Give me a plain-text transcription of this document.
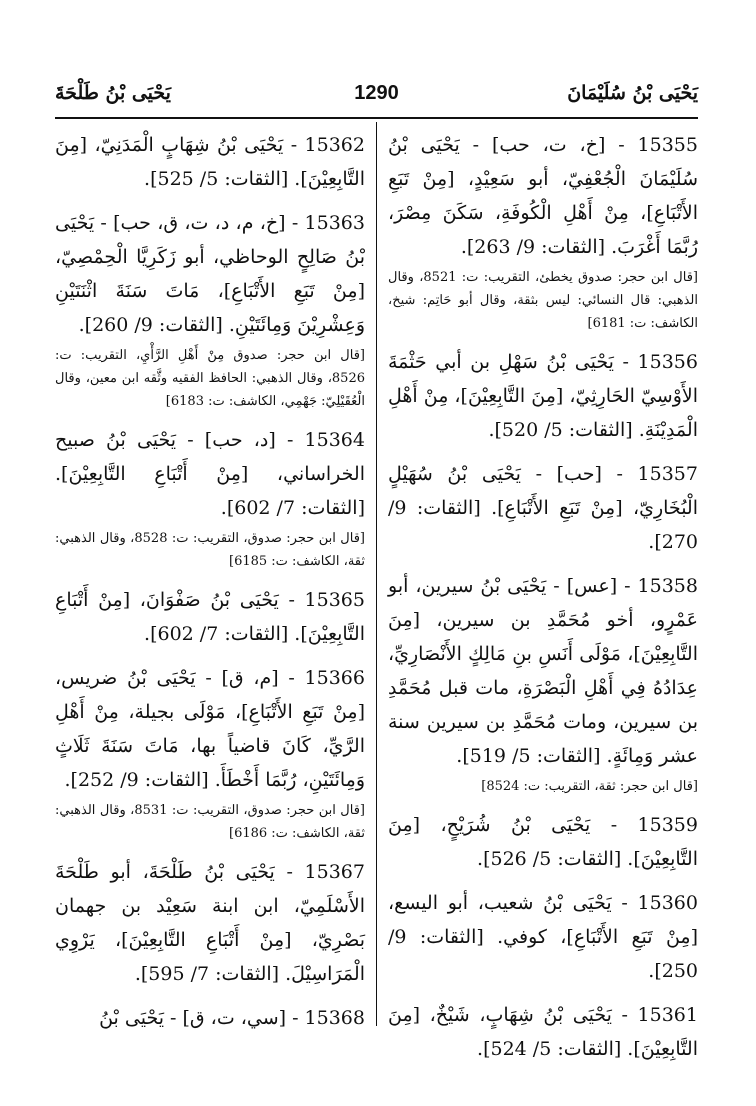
يَحْيَى بْنُ سُلَيْمَانَ
1290
يَحْيَى بْنُ طَلْحَةَ
15355 - [خ، ت، حب] - يَحْيَى بْنُ سُلَيْمَانَ الْجُعْفِيّ، أبو سَعِيْدٍ، [مِنْ تَبَعِ الأَتْبَاعِ]، مِنْ أَهْلِ الْكُوفَةِ، سَكَنَ مِصْرَ، رُبَّمَا أَغْرَبَ. [الثقات: 9/ 263].
[قال ابن حجر: صدوق يخطئ، التقريب: ت: 8521، وقال الذهبي: قال النسائي: ليس بثقة، وقال أبو حَاتِم: شيخ، الكاشف: ت: 6181]
15356 - يَحْيَى بْنُ سَهْلِ بن أبي حَثْمَةَ الأَوْسِيّ الحَارِثِيّ، [مِنَ التَّابِعِيْنَ]، مِنْ أَهْلِ الْمَدِيْنَةِ. [الثقات: 5/ 520].
15357 - [حب] - يَحْيَى بْنُ سُهَيْلٍ الْبُخَارِيّ، [مِنْ تَبَعِ الأَتْبَاعِ]. [الثقات: 9/ 270].
15358 - [عس] - يَحْيَى بْنُ سيرين، أبو عَمْرٍو، أخو مُحَمَّدِ بن سيرين، [مِنَ التَّابِعِيْنَ]، مَوْلَى أَنَسِ بنِ مَالِكٍ الأَنْصَارِيِّ، عِدَادُهُ فِي أَهْلِ الْبَصْرَةِ، مات قبل مُحَمَّدِ بن سيرين، ومات مُحَمَّدِ بن سيرين سنة عشر وَمِائَةٍ. [الثقات: 5/ 519].
[قال ابن حجر: ثقة، التقريب: ت: 8524]
15359 - يَحْيَى بْنُ شُرَيْحٍ، [مِنَ التَّابِعِيْنَ]. [الثقات: 5/ 526].
15360 - يَحْيَى بْنُ شعيب، أبو اليسع، [مِنْ تَبَعِ الأَتْبَاعِ]، كوفي. [الثقات: 9/ 250].
15361 - يَحْيَى بْنُ شِهَابٍ، شَيْخٌ، [مِنَ التَّابِعِيْنَ]. [الثقات: 5/ 524].
15362 - يَحْيَى بْنُ شِهَابٍ الْمَدَنِيّ، [مِنَ التَّابِعِيْنَ]. [الثقات: 5/ 525].
15363 - [خ، م، د، ت، ق، حب] - يَحْيَى بْنُ صَالِحٍ الوحاظي، أبو زَكَرِيَّا الْحِمْصِيّ، [مِنْ تَبَعِ الأَتْبَاعِ]، مَاتَ سَنَةَ اثْنَتَيْنِ وَعِشْرِيْنَ وَمِائَتَيْنِ. [الثقات: 9/ 260].
[قال ابن حجر: صدوق مِنْ أَهْلِ الرَّأْيِ، التقريب: ت: 8526، وقال الذهبي: الحافظ الفقيه وثَّقه ابن معين، وقال الْعُقَيْلِيّ: جَهْمِي، الكاشف: ت: 6183]
15364 - [د، حب] - يَحْيَى بْنُ صبيح الخراساني، [مِنْ أَتْبَاعِ التَّابِعِيْنَ]. [الثقات: 7/ 602].
[قال ابن حجر: صدوق، التقريب: ت: 8528، وقال الذهبي: ثقة، الكاشف: ت: 6185]
15365 - يَحْيَى بْنُ صَفْوَانَ، [مِنْ أَتْبَاعِ التَّابِعِيْنَ]. [الثقات: 7/ 602].
15366 - [م، ق] - يَحْيَى بْنُ ضريس، [مِنْ تَبَعِ الأَتْبَاعِ]، مَوْلَى بجيلة، مِنْ أَهْلِ الرَّيِّ، كَانَ قاضياً بها، مَاتَ سَنَةَ ثَلَاثٍ وَمِائَتَيْنِ، رُبَّمَا أَخْطَأَ. [الثقات: 9/ 252].
[قال ابن حجر: صدوق، التقريب: ت: 8531، وقال الذهبي: ثقة، الكاشف: ت: 6186]
15367 - يَحْيَى بْنُ طَلْحَةَ، أبو طَلْحَةَ الأَسْلَمِيّ، ابن ابنة سَعِيْد بن جهمان بَصْرِيّ، [مِنْ أَتْبَاعِ التَّابِعِيْنَ]، يَرْوِي الْمَرَاسِيْلَ. [الثقات: 7/ 595].
15368 - [سي، ت، ق] - يَحْيَى بْنُ
